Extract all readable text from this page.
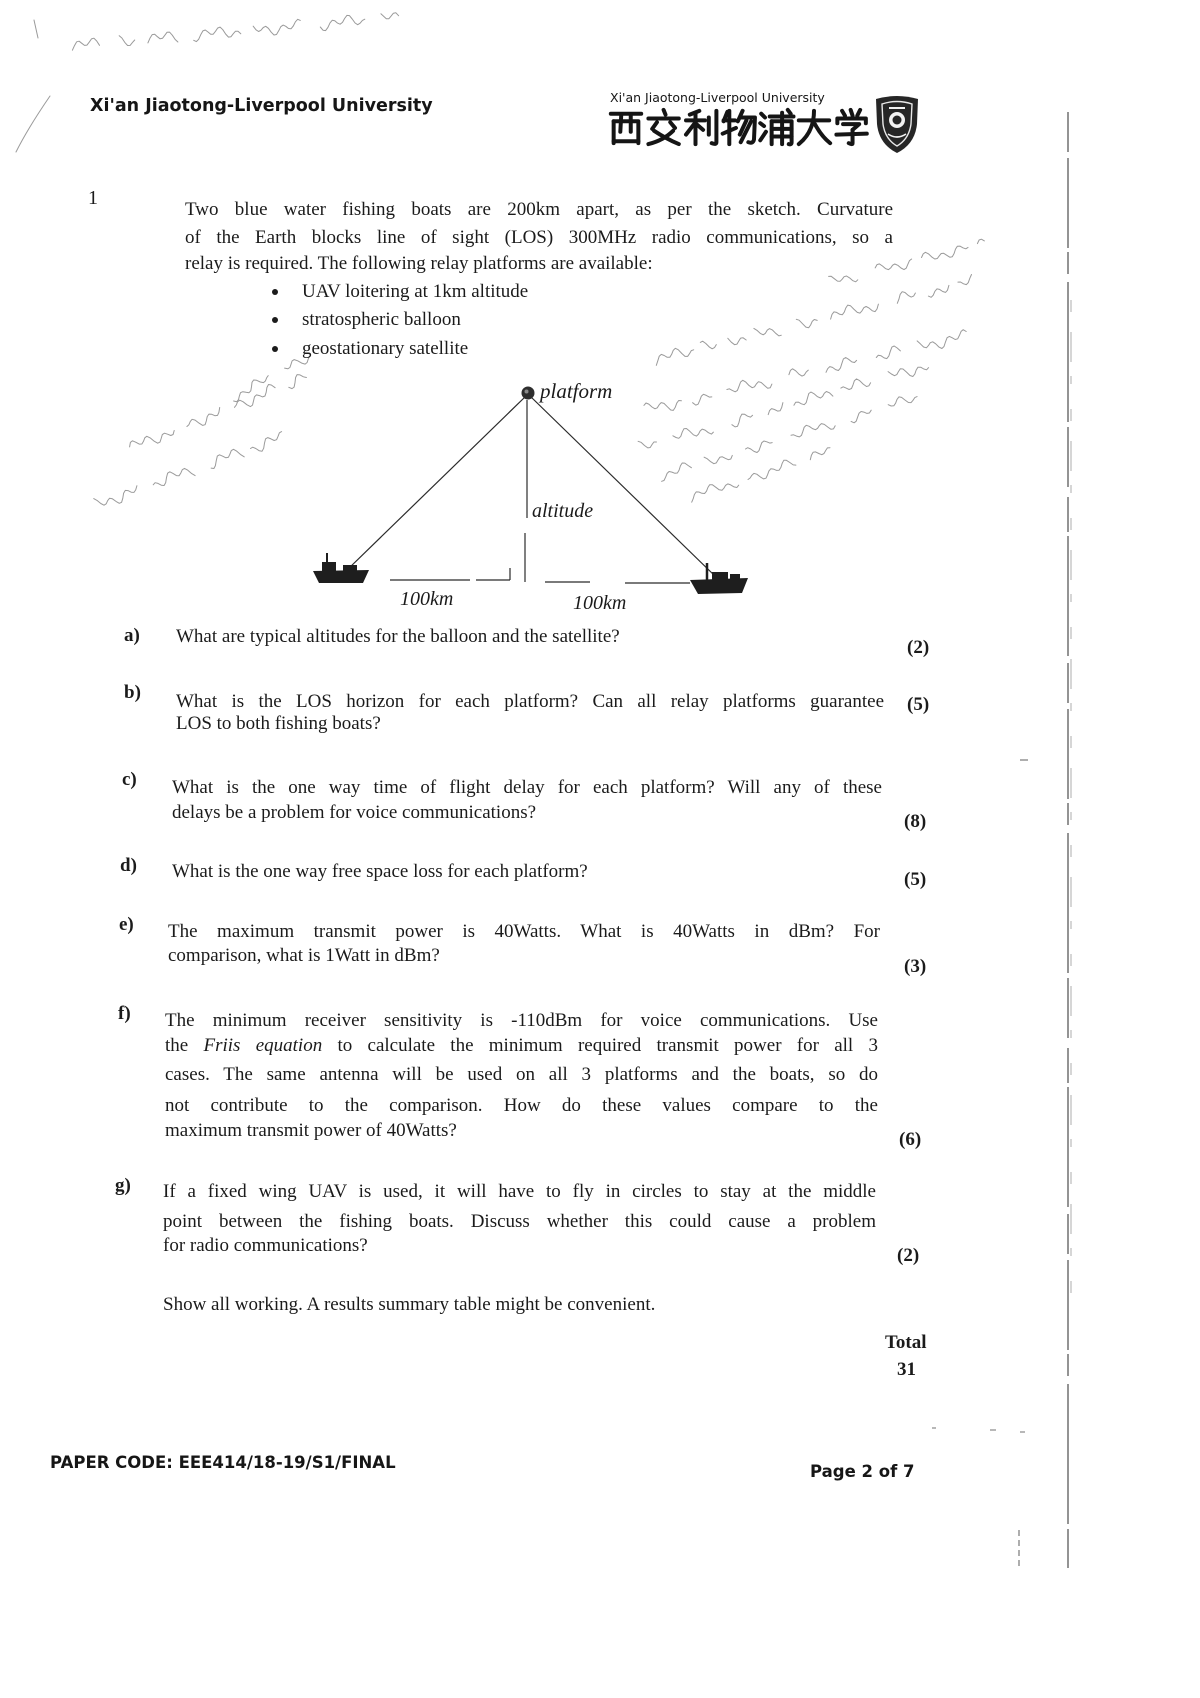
platform
altitude
100km	100km
Xi'an Jiaotong-Liverpool University	Xi'an Jiaotong-Liverpool University
1
Two blue water fishing boats are 200km apart, as per the sketch. Curvature
of the Earth blocks line of sight (LOS) 300MHz radio communications, so a
relay is required. The following relay platforms are available:
UAV loitering at 1km altitude
stratospheric balloon
geostationary satellite
a) What are typical altitudes for the balloon and the satellite?
(2)
b) What is the LOS horizon for each platform? Can all relay platforms guarantee
LOS to both fishing boats?
(5)
c) What is the one way time of flight delay for each platform? Will any of these
delays be a problem for voice communications?	(8)
d) What is the one way free space loss for each platform?	(5)
e) The maximum transmit power is 40Watts. What is 40Watts in dBm? For
comparison, what is 1Watt in dBm?
(3)
f) The minimum receiver sensitivity is -110dBm for voice communications. Use
the Friis equation to calculate the minimum required transmit power for all 3
cases. The same antenna will be used on all 3 platforms and the boats, so do
not contribute to the comparison. How do these values compare to the
maximum transmit power of 40Watts?	(6)
g) If a fixed wing UAV is used, it will have to fly in circles to stay at the middle
point between the fishing boats. Discuss whether this could cause a problem
for radio communications?	(2)
Show all working. A results summary table might be convenient.
Total
31
PAPER CODE: EEE414/18-19/S1/FINAL	Page 2 of 7
